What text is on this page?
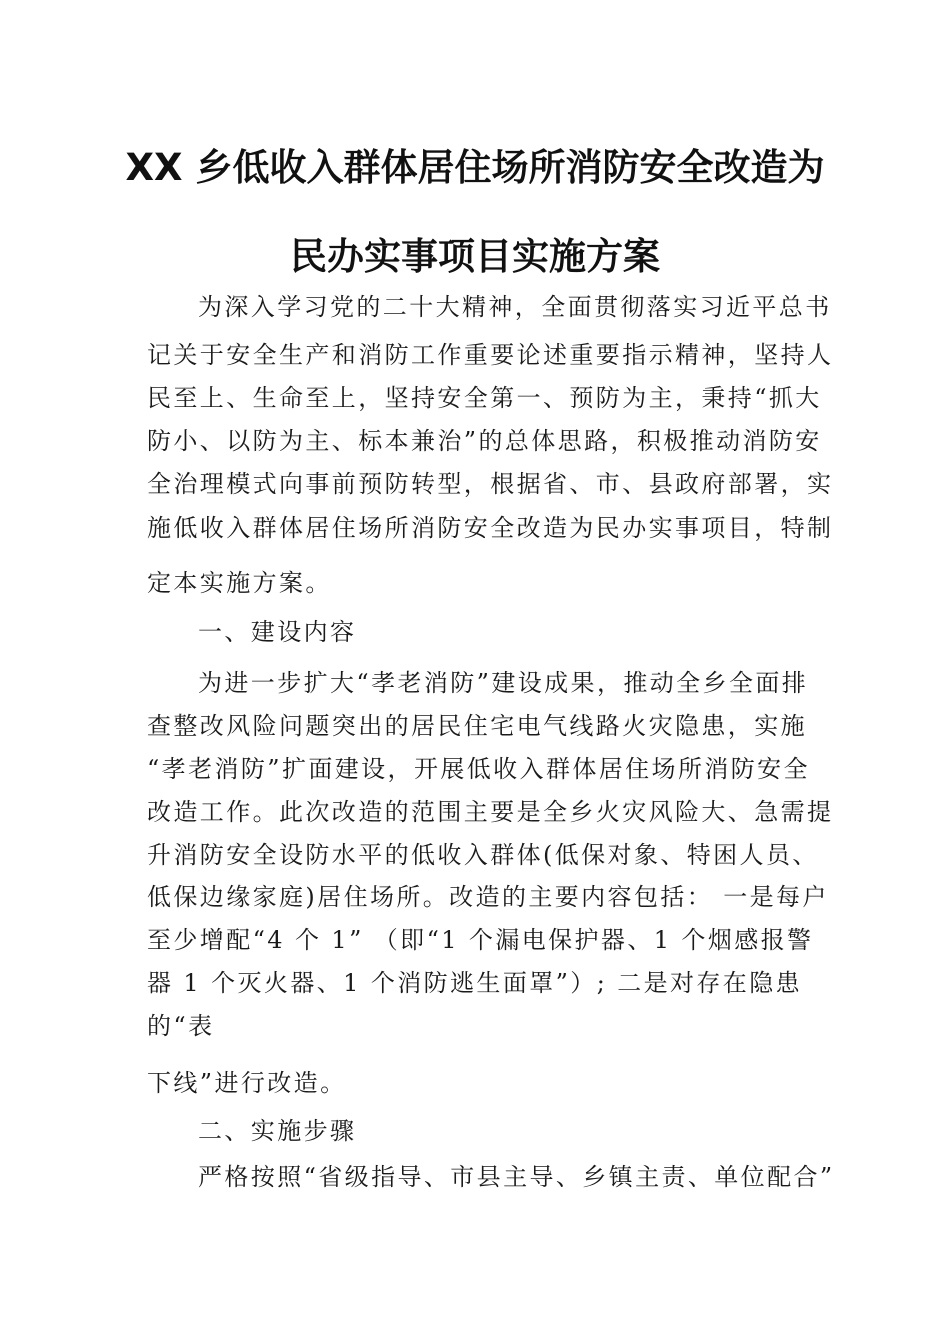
XX 乡低收入群体居住场所消防安全改造为
民办实事项目实施方案

为深入学习党的二十大精神，全面贯彻落实习近平总书

记关于安全生产和消防工作重要论述重要指示精神，坚持人

民至上、生命至上，坚持安全第一、预防为主，秉持“抓大

防小、以防为主、标本兼治”的总体思路，积极推动消防安

全治理模式向事前预防转型，根据省、市、县政府部署，实

施低收入群体居住场所消防安全改造为民办实事项目，特制

定本实施方案。

一、建设内容

为进一步扩大“孝老消防”建设成果，推动全乡全面排

查整改风险问题突出的居民住宅电气线路火灾隐患，实施

“孝老消防”扩面建设，开展低收入群体居住场所消防安全

改造工作。此次改造的范围主要是全乡火灾风险大、急需提

升消防安全设防水平的低收入群体(低保对象、特困人员、

低保边缘家庭)居住场所。改造的主要内容包括： 一是每户

至少增配“4 个 1” （即“1 个漏电保护器、1 个烟感报警

器 1 个灭火器、1 个消防逃生面罩”）; 二是对存在隐患

的“表

下线”进行改造。

二、实施步骤

严格按照“省级指导、市县主导、乡镇主责、单位配合”
